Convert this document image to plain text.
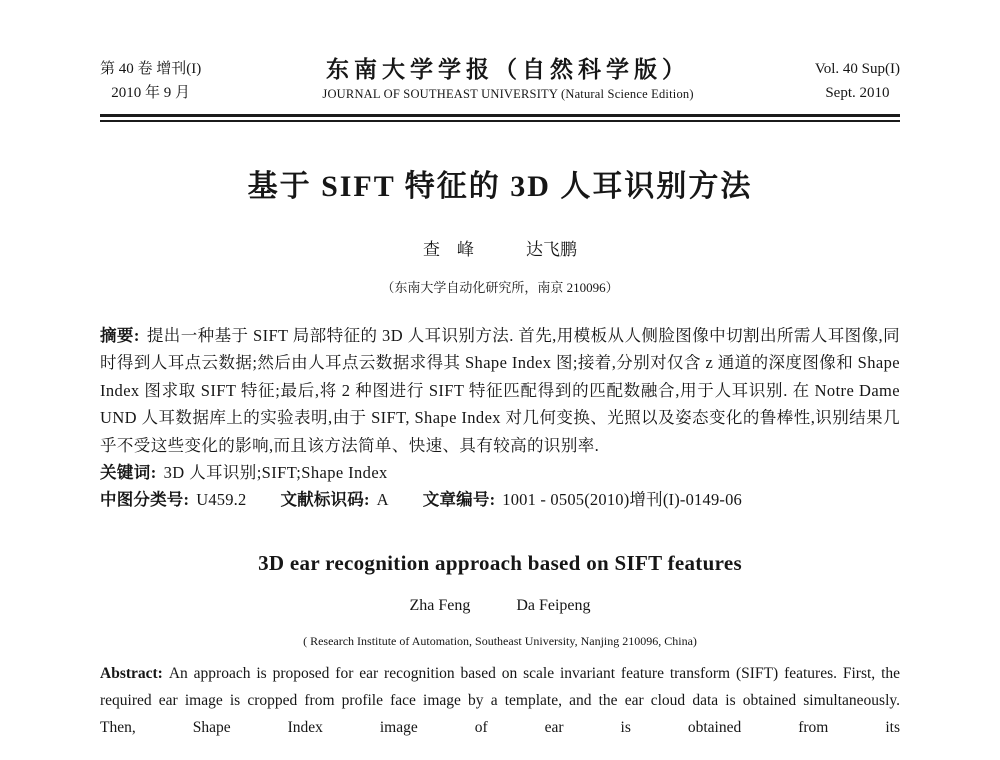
第 40 卷 增刊(I)
2010 年 9 月
东南大学学报（自然科学版）
JOURNAL OF SOUTHEAST UNIVERSITY (Natural Science Edition)
Vol. 40 Sup(I)
Sept. 2010
基于 SIFT 特征的 3D 人耳识别方法
查　峰	达飞鹏
（东南大学自动化研究所，南京 210096）

摘要: 提出一种基于 SIFT 局部特征的 3D 人耳识别方法. 首先,用模板从人侧脸图像中切割出所需人耳图像,同时得到人耳点云数据;然后由人耳点云数据求得其 Shape Index 图;接着,分别对仅含 z 通道的深度图像和 Shape Index 图求取 SIFT 特征;最后,将 2 种图进行 SIFT 特征匹配得到的匹配数融合,用于人耳识别. 在 Notre Dame UND 人耳数据库上的实验表明,由于 SIFT, Shape Index 对几何变换、光照以及姿态变化的鲁棒性,识别结果几乎不受这些变化的影响,而且该方法简单、快速、具有较高的识别率.

关键词: 3D 人耳识别;SIFT;Shape Index

中图分类号: U459.2 文献标识码: A 文章编号: 1001 - 0505(2010)增刊(I)-0149-06

3D ear recognition approach based on SIFT features
Zha Feng	Da Feipeng
( Research Institute of Automation, Southeast University, Nanjing 210096, China)

Abstract: An approach is proposed for ear recognition based on scale invariant feature transform (SIFT) features. First, the required ear image is cropped from profile face image by a template, and the ear cloud data is obtained simultaneously. Then, Shape Index image of ear is obtained from its
